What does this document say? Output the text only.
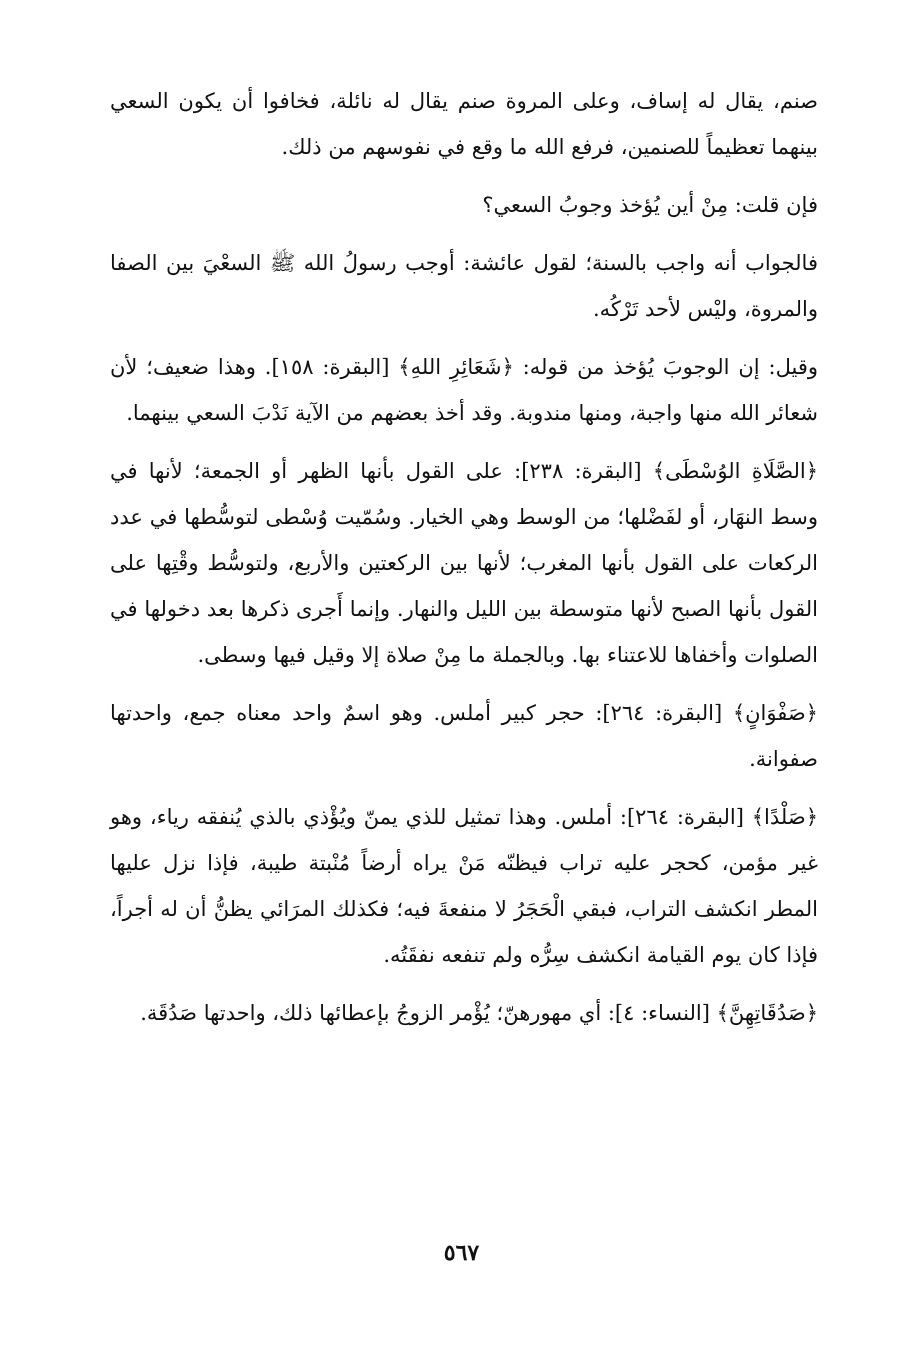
صنم، يقال له إساف، وعلى المروة صنم يقال له نائلة، فخافوا أن يكون السعي بينهما تعظيماً للصنمين، فرفع الله ما وقع في نفوسهم من ذلك.

فإن قلت: مِنْ أين يُؤخذ وجوبُ السعي؟

فالجواب أنه واجب بالسنة؛ لقول عائشة: أوجب رسولُ الله ﷺ السعْيَ بين الصفا والمروة، وليْس لأحد تَرْكُه.

وقيل: إن الوجوبَ يُؤخذ من قوله: ﴿شَعَائِرِ اللهِ﴾ [البقرة: ١٥٨]. وهذا ضعيف؛ لأن شعائر الله منها واجبة، ومنها مندوبة. وقد أخذ بعضهم من الآية نَدْبَ السعي بينهما.

﴿الصَّلَاةِ الوُسْطَى﴾ [البقرة: ٢٣٨]: على القول بأنها الظهر أو الجمعة؛ لأنها في وسط النهَار، أو لفَضْلها؛ من الوسط وهي الخيار. وسُمّيت وُسْطى لتوسُّطها في عدد الركعات على القول بأنها المغرب؛ لأنها بين الركعتين والأربع، ولتوسُّط وقْتِها على القول بأنها الصبح لأنها متوسطة بين الليل والنهار. وإنما أَجرى ذكرها بعد دخولها في الصلوات وأخفاها للاعتناء بها. وبالجملة ما مِنْ صلاة إلا وقيل فيها وسطى.

﴿صَفْوَانٍ﴾ [البقرة: ٢٦٤]: حجر كبير أملس. وهو اسمٌ واحد معناه جمع، واحدتها صفوانة.

﴿صَلْدًا﴾ [البقرة: ٢٦٤]: أملس. وهذا تمثيل للذي يمنّ ويُؤْذي بالذي يُنفقه رياء، وهو غير مؤمن، كحجر عليه تراب فيظنّه مَنْ يراه أرضاً مُنْبتة طيبة، فإذا نزل عليها المطر انكشف التراب، فبقي الْحَجَرُ لا منفعةَ فيه؛ فكذلك المرَائي يظنُّ أن له أجراً، فإذا كان يوم القيامة انكشف سِرُّه ولم تنفعه نفقَتُه.

﴿صَدُقَاتِهِنَّ﴾ [النساء: ٤]: أي مهورهنّ؛ يُؤْمر الزوجُ بإعطائها ذلك، واحدتها صَدُقَة.

٥٦٧
